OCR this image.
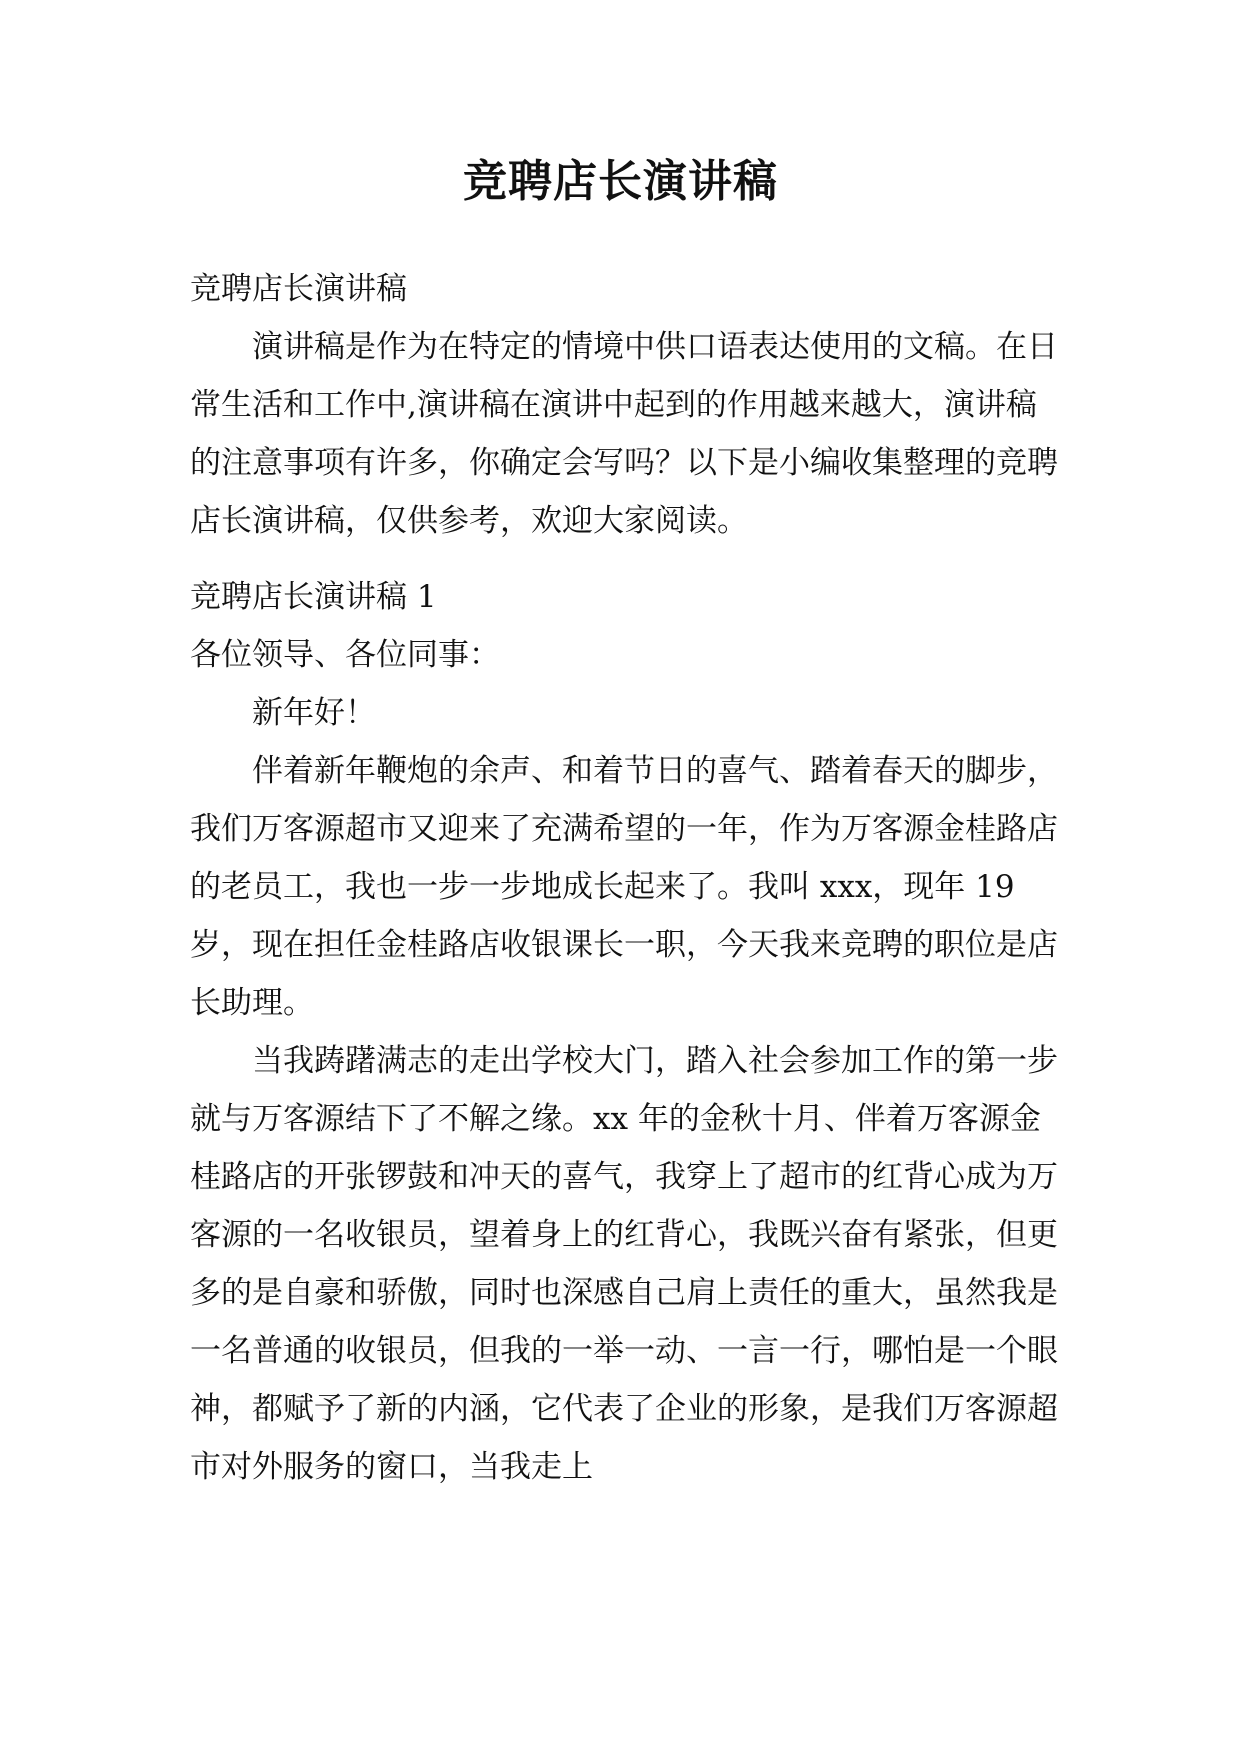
竞聘店长演讲稿

竞聘店长演讲稿

演讲稿是作为在特定的情境中供口语表达使用的文稿。在日常生活和工作中,演讲稿在演讲中起到的作用越来越大，演讲稿的注意事项有许多，你确定会写吗？以下是小编收集整理的竞聘店长演讲稿，仅供参考，欢迎大家阅读。

竞聘店长演讲稿 1

各位领导、各位同事：

新年好！

伴着新年鞭炮的余声、和着节日的喜气、踏着春天的脚步，我们万客源超市又迎来了充满希望的一年，作为万客源金桂路店的老员工，我也一步一步地成长起来了。我叫 xxx，现年 19 岁，现在担任金桂路店收银课长一职，今天我来竞聘的职位是店长助理。

当我踌躇满志的走出学校大门，踏入社会参加工作的第一步就与万客源结下了不解之缘。xx 年的金秋十月、伴着万客源金桂路店的开张锣鼓和冲天的喜气，我穿上了超市的红背心成为万客源的一名收银员，望着身上的红背心，我既兴奋有紧张，但更多的是自豪和骄傲，同时也深感自己肩上责任的重大，虽然我是一名普通的收银员，但我的一举一动、一言一行，哪怕是一个眼神，都赋予了新的内涵，它代表了企业的形象，是我们万客源超市对外服务的窗口，当我走上
